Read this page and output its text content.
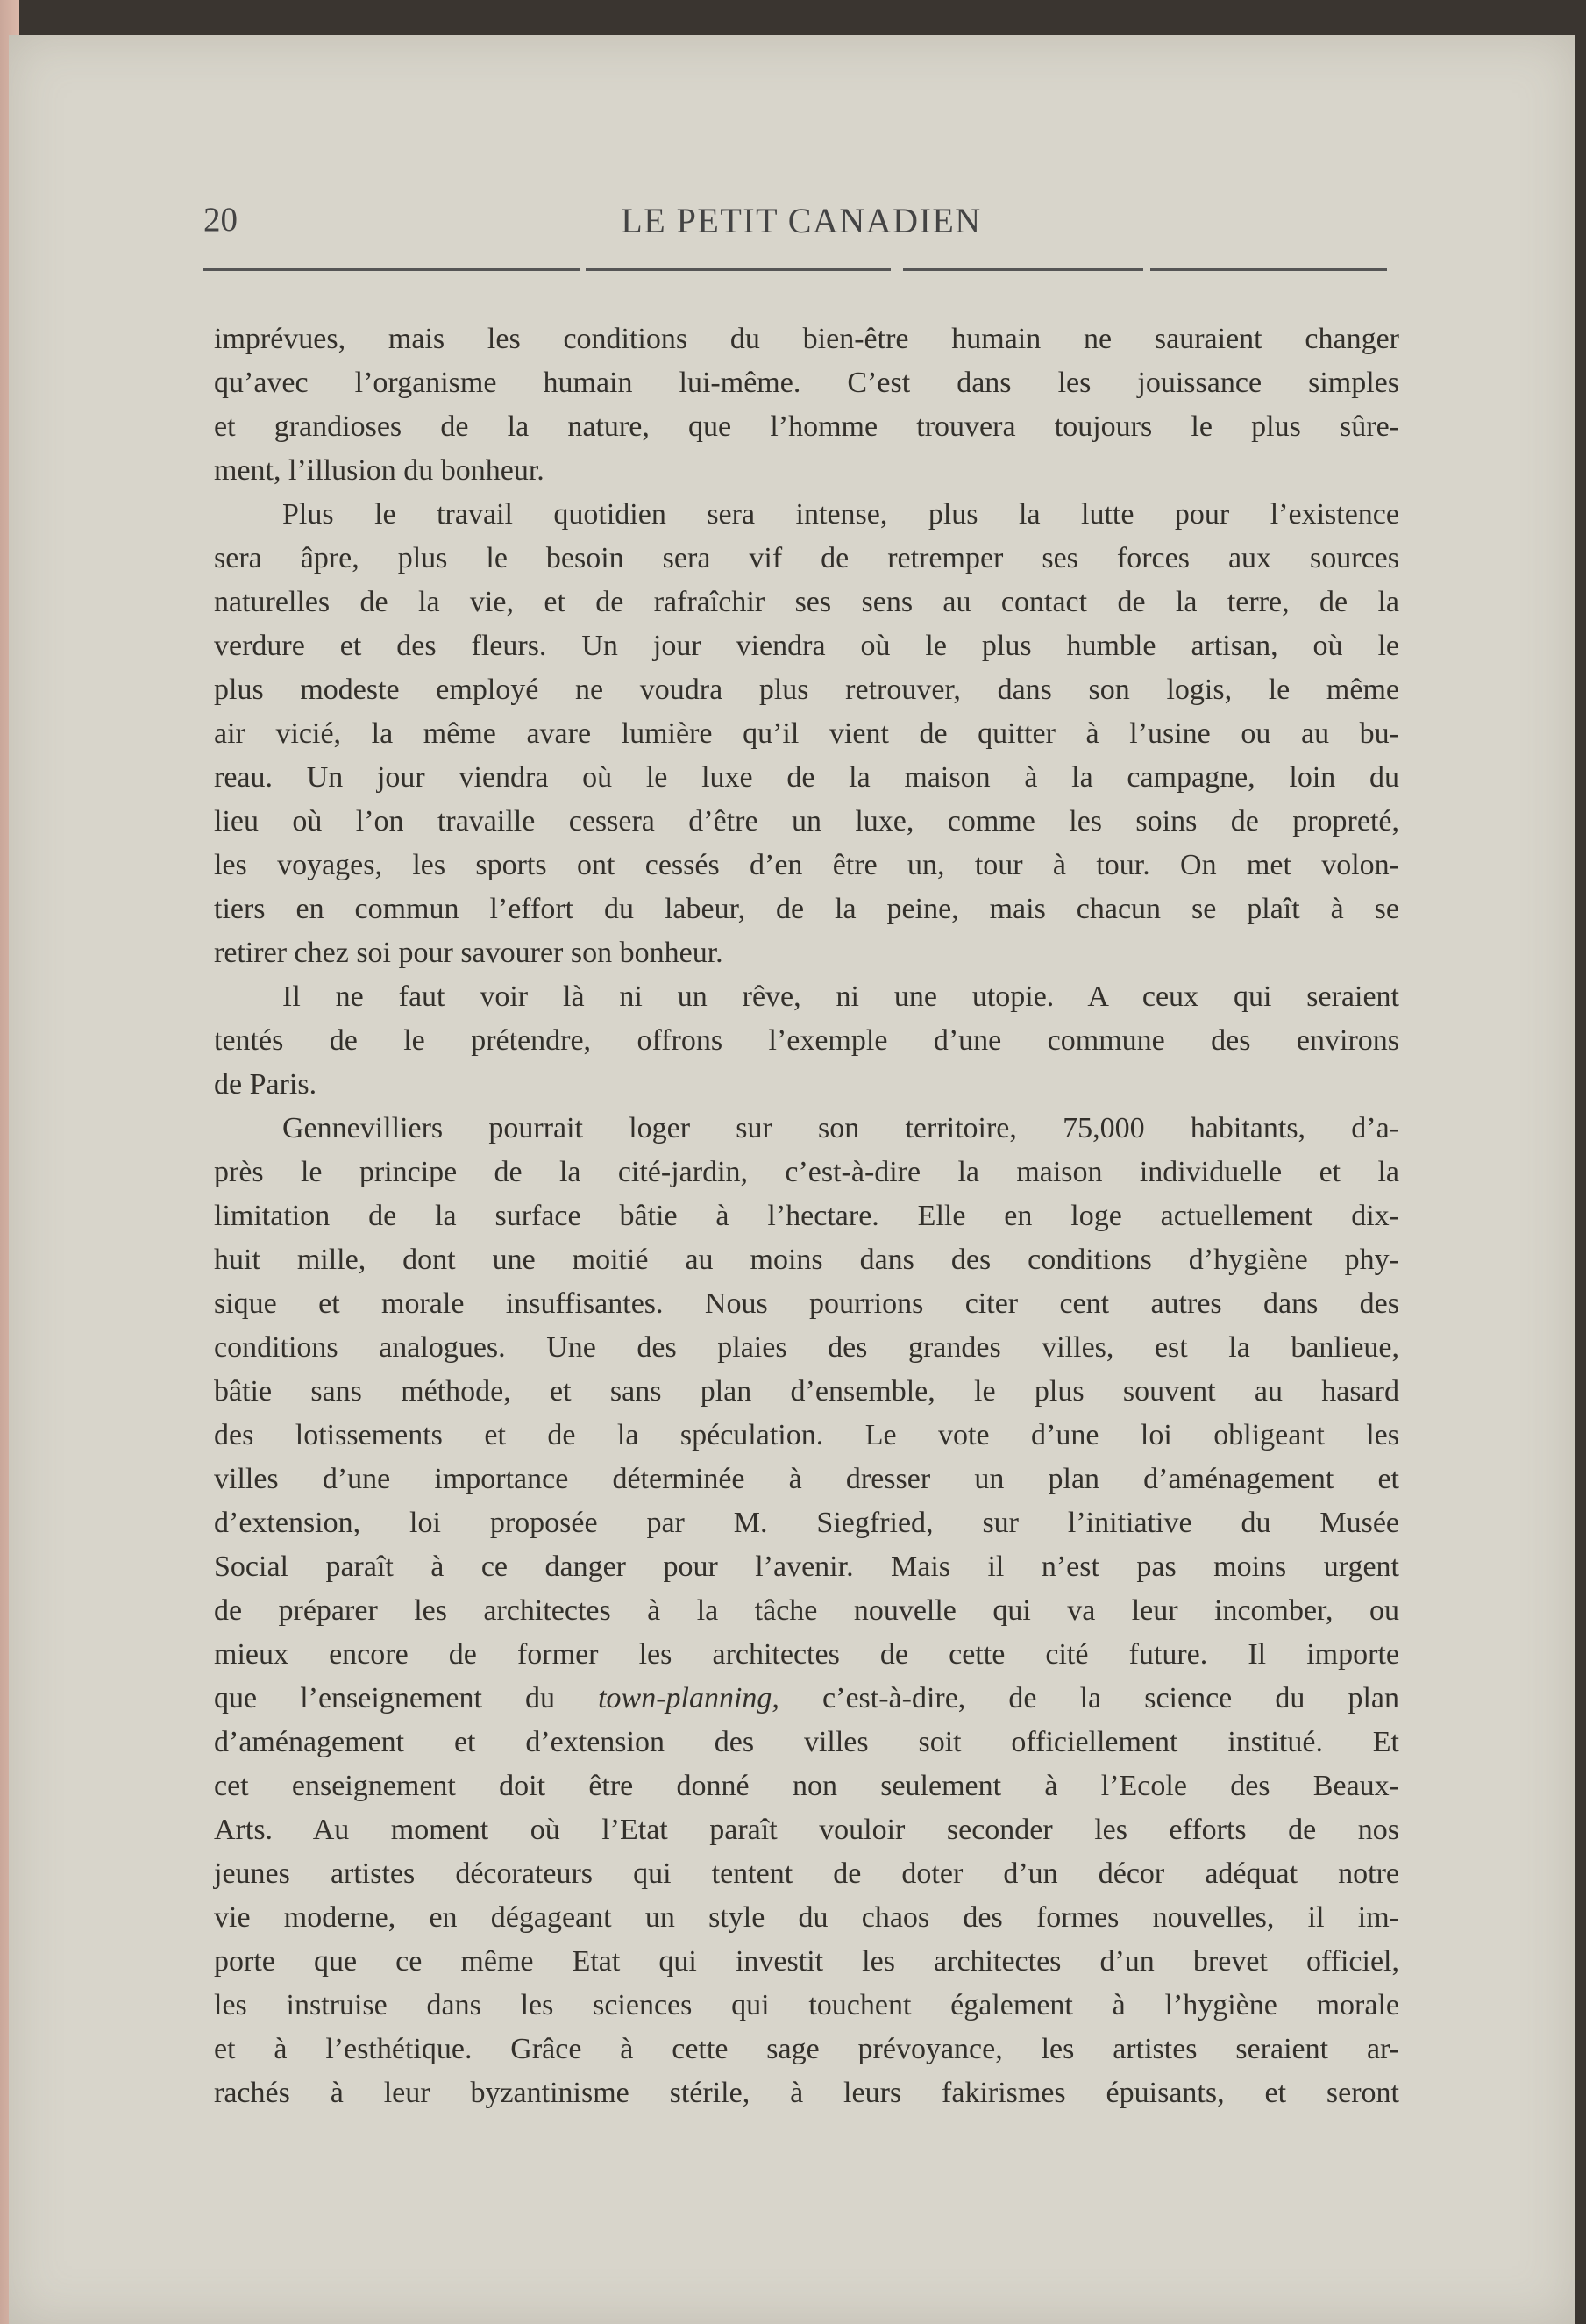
20	LE PETIT CANADIEN
imprévues, mais les conditions du bien-être humain ne sauraient changer
qu’avec l’organisme humain lui-même. C’est dans les jouissance simples
et grandioses de la nature, que l’homme trouvera toujours le plus sûre-
ment, l’illusion du bonheur.
Plus le travail quotidien sera intense, plus la lutte pour l’existence
sera âpre, plus le besoin sera vif de retremper ses forces aux sources
naturelles de la vie, et de rafraîchir ses sens au contact de la terre, de la
verdure et des fleurs. Un jour viendra où le plus humble artisan, où le
plus modeste employé ne voudra plus retrouver, dans son logis, le même
air vicié, la même avare lumière qu’il vient de quitter à l’usine ou au bu-
reau. Un jour viendra où le luxe de la maison à la campagne, loin du
lieu où l’on travaille cessera d’être un luxe, comme les soins de propreté,
les voyages, les sports ont cessés d’en être un, tour à tour. On met volon-
tiers en commun l’effort du labeur, de la peine, mais chacun se plaît à se
retirer chez soi pour savourer son bonheur.
Il ne faut voir là ni un rêve, ni une utopie. A ceux qui seraient
tentés de le prétendre, offrons l’exemple d’une commune des environs
de Paris.
Gennevilliers pourrait loger sur son territoire, 75,000 habitants, d’a-
près le principe de la cité-jardin, c’est-à-dire la maison individuelle et la
limitation de la surface bâtie à l’hectare. Elle en loge actuellement dix-
huit mille, dont une moitié au moins dans des conditions d’hygiène phy-
sique et morale insuffisantes. Nous pourrions citer cent autres dans des
conditions analogues. Une des plaies des grandes villes, est la banlieue,
bâtie sans méthode, et sans plan d’ensemble, le plus souvent au hasard
des lotissements et de la spéculation. Le vote d’une loi obligeant les
villes d’une importance déterminée à dresser un plan d’aménagement et
d’extension, loi proposée par M. Siegfried, sur l’initiative du Musée
Social paraît à ce danger pour l’avenir. Mais il n’est pas moins urgent
de préparer les architectes à la tâche nouvelle qui va leur incomber, ou
mieux encore de former les architectes de cette cité future. Il importe
que l’enseignement du town-planning, c’est-à-dire, de la science du plan
d’aménagement et d’extension des villes soit officiellement institué. Et
cet enseignement doit être donné non seulement à l’Ecole des Beaux-
Arts. Au moment où l’Etat paraît vouloir seconder les efforts de nos
jeunes artistes décorateurs qui tentent de doter d’un décor adéquat notre
vie moderne, en dégageant un style du chaos des formes nouvelles, il im-
porte que ce même Etat qui investit les architectes d’un brevet officiel,
les instruise dans les sciences qui touchent également à l’hygiène morale
et à l’esthétique. Grâce à cette sage prévoyance, les artistes seraient ar-
rachés à leur byzantinisme stérile, à leurs fakirismes épuisants, et seront
